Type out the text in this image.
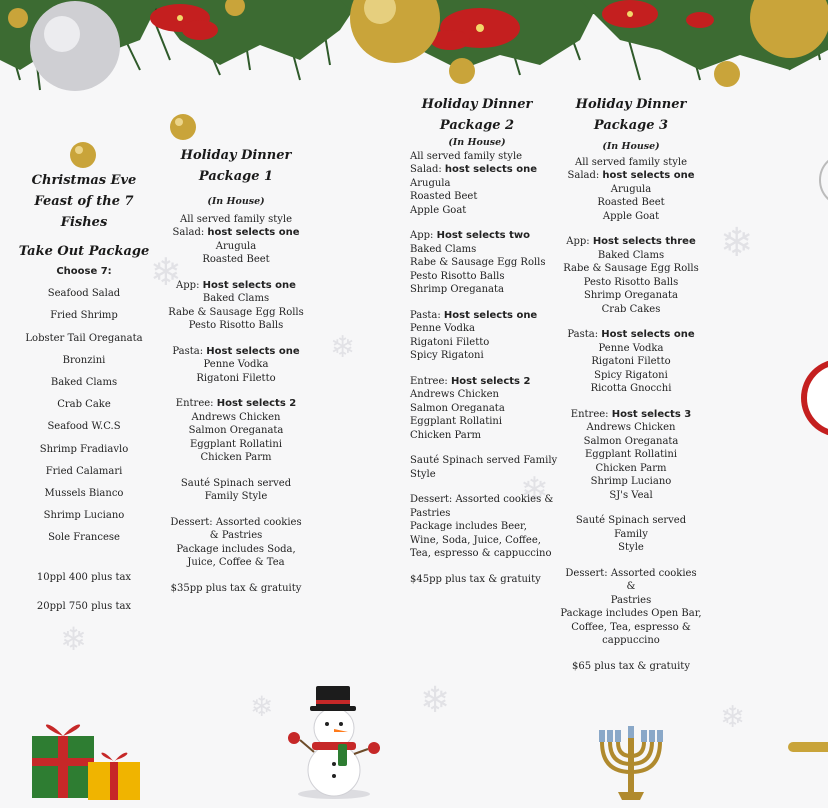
❄
❄
❄
❄
❄
❄	❄
❄
Christmas Eve
Feast of the 7
Fishes
Take Out Package

Choose 7:

Seafood Salad

Fried Shrimp

Lobster Tail Oreganata

Bronzini

Baked Clams

Crab Cake

Seafood W.C.S

Shrimp Fradiavlo

Fried Calamari

Mussels Bianco

Shrimp Luciano

Sole Francese

10ppl 400 plus tax

20ppl 750 plus tax

Holiday Dinner
Package 1
(In House)
All served family style
Salad: host selects one
Arugula
Roasted Beet
App: Host selects one
Baked Clams
Rabe & Sausage Egg Rolls
Pesto Risotto Balls
Pasta: Host selects one
Penne Vodka
Rigatoni Filetto
Entree: Host selects 2
Andrews Chicken
Salmon Oreganata
Eggplant Rollatini
Chicken Parm
Sauté Spinach served
Family Style
Dessert: Assorted cookies
& Pastries
Package includes Soda,
Juice, Coffee & Tea
$35pp plus tax & gratuity
Holiday Dinner
Package 2
(In House)
All served family style
Salad: host selects one
Arugula
Roasted Beet
Apple Goat
App: Host selects two
Baked Clams
Rabe & Sausage Egg Rolls
Pesto Risotto Balls
Shrimp Oreganata
Pasta: Host selects one
Penne Vodka
Rigatoni Filetto
Spicy Rigatoni
Entree: Host selects 2
Andrews Chicken
Salmon Oreganata
Eggplant Rollatini
Chicken Parm
Sauté Spinach served Family
Style
Dessert: Assorted cookies &
Pastries
Package includes Beer,
Wine, Soda, Juice, Coffee,
Tea, espresso & cappuccino
$45pp plus tax & gratuity
Holiday Dinner
Package 3
(In House)
All served family style
Salad: host selects one
Arugula
Roasted Beet
Apple Goat
App: Host selects three
Baked Clams
Rabe & Sausage Egg Rolls
Pesto Risotto Balls
Shrimp Oreganata
Crab Cakes
Pasta: Host selects one
Penne Vodka
Rigatoni Filetto
Spicy Rigatoni
Ricotta Gnocchi
Entree: Host selects 3
Andrews Chicken
Salmon Oreganata
Eggplant Rollatini
Chicken Parm
Shrimp Luciano
SJ's Veal
Sauté Spinach served Family
Style
Dessert: Assorted cookies &
Pastries
Package includes Open Bar,
Coffee, Tea, espresso &
cappuccino
$65 plus tax & gratuity
